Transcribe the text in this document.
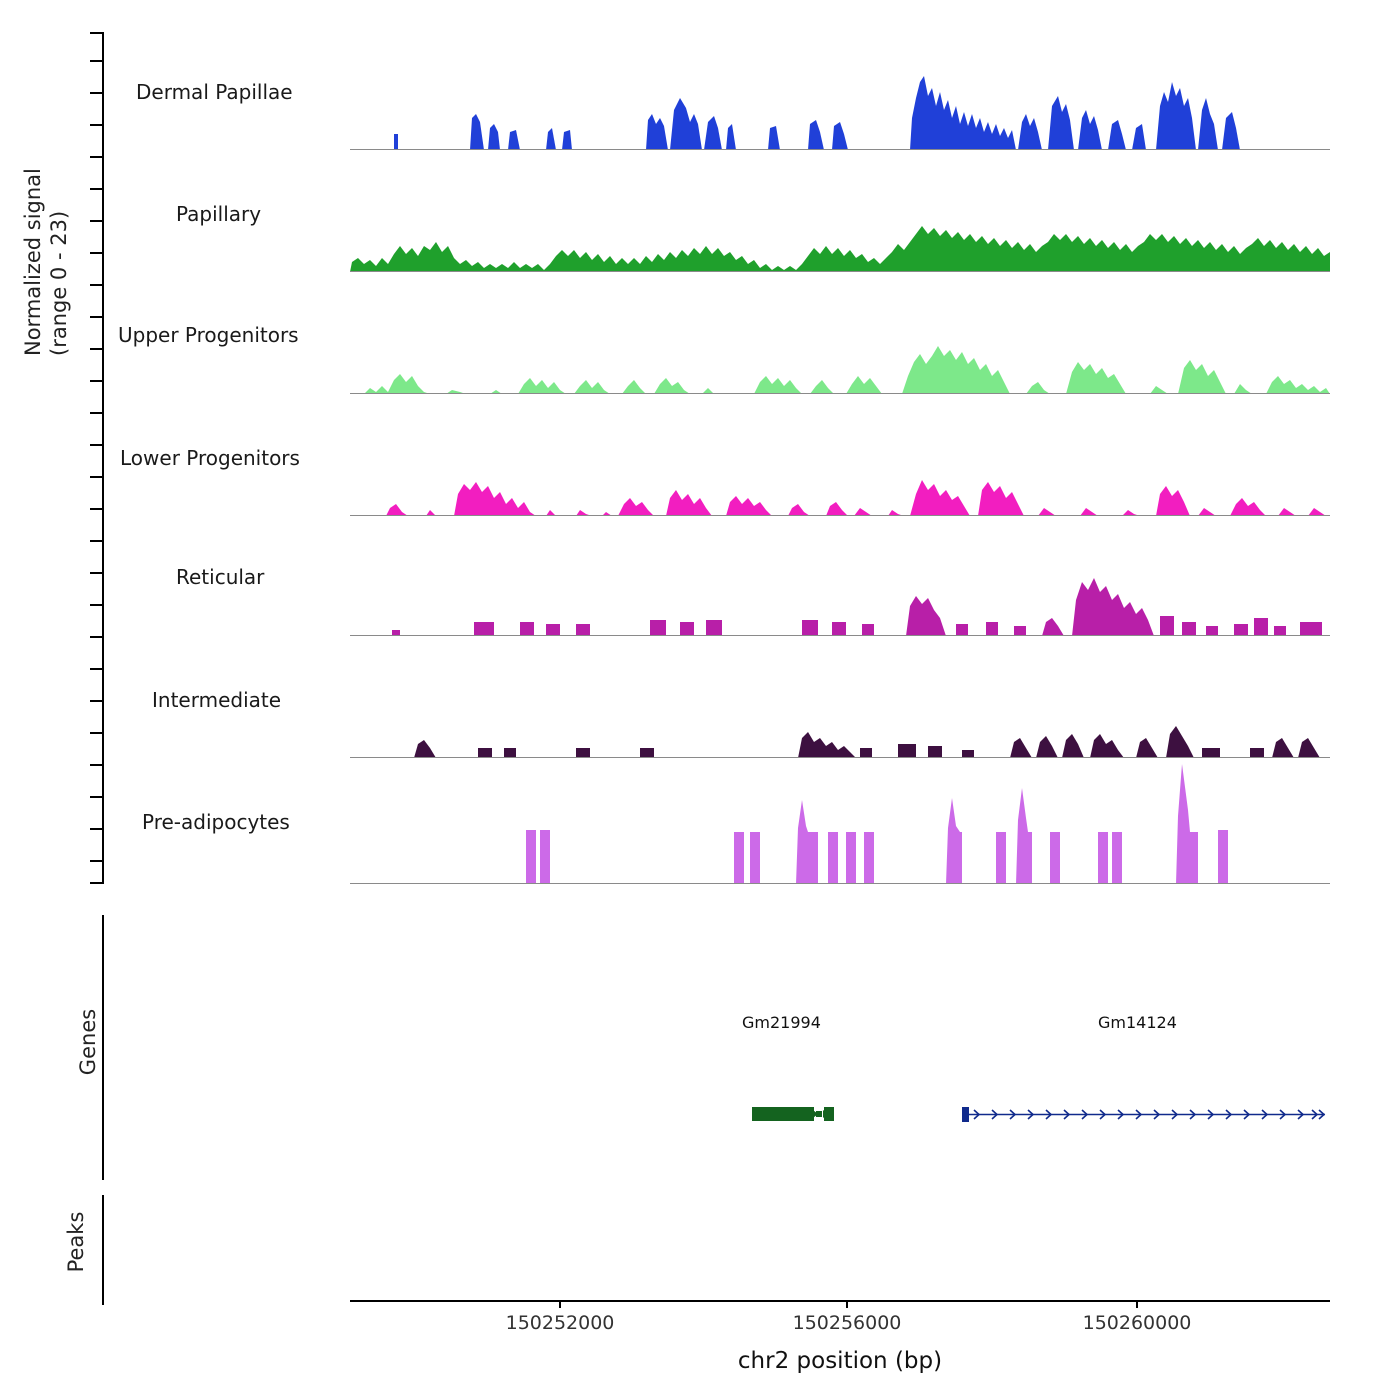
Normalized signal (range 0 - 23)
Genes
Peaks
Dermal Papillae
Papillary
Upper Progenitors
Lower Progenitors
Reticular
Intermediate
Pre-adipocytes
Gm21994	Gm14124
150252000	150256000	150260000
chr2 position (bp)
